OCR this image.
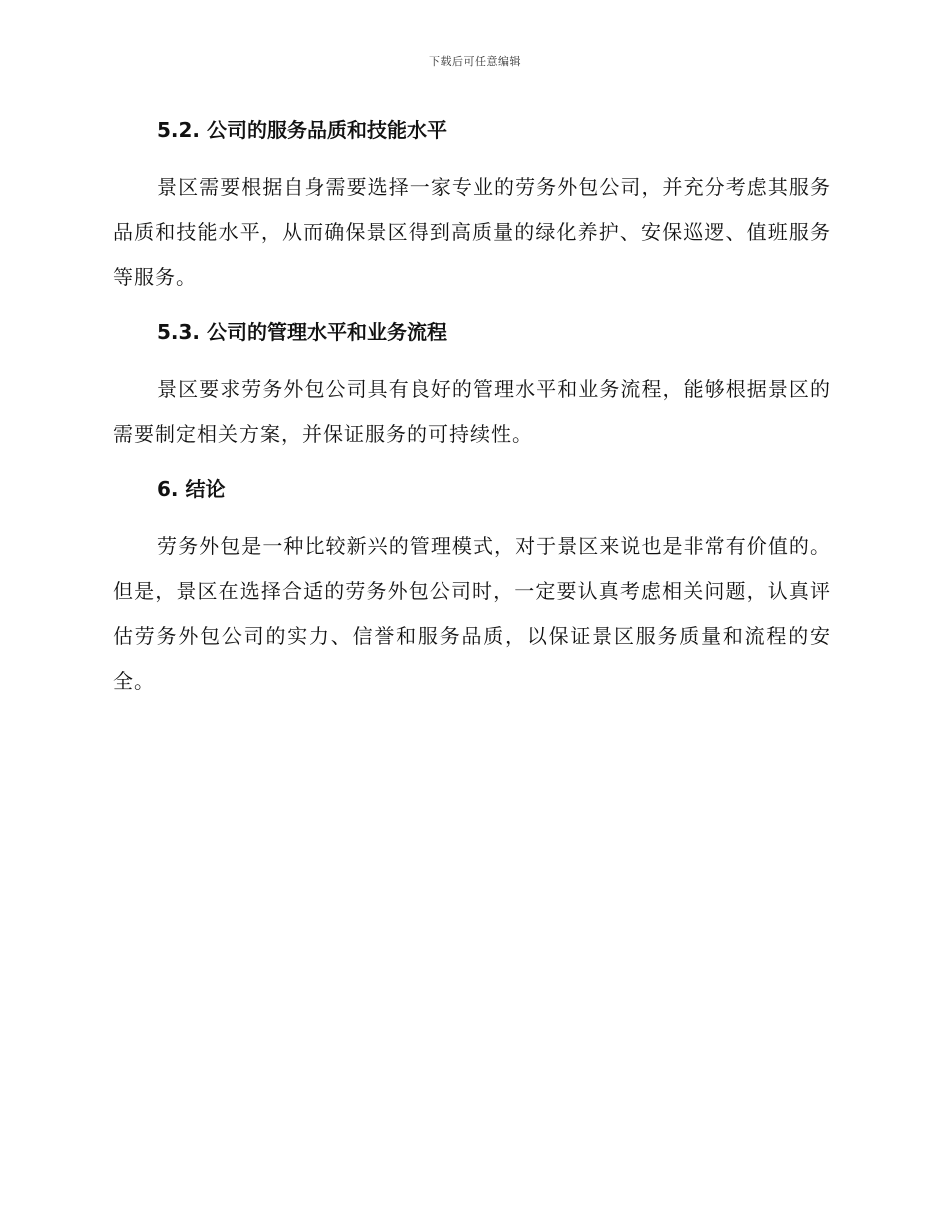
下载后可任意编辑
5.2. 公司的服务品质和技能水平

景区需要根据自身需要选择一家专业的劳务外包公司，并充分考虑其服务品质和技能水平，从而确保景区得到高质量的绿化养护、安保巡逻、值班服务等服务。

5.3. 公司的管理水平和业务流程

景区要求劳务外包公司具有良好的管理水平和业务流程，能够根据景区的需要制定相关方案，并保证服务的可持续性。

6. 结论

劳务外包是一种比较新兴的管理模式，对于景区来说也是非常有价值的。但是，景区在选择合适的劳务外包公司时，一定要认真考虑相关问题，认真评估劳务外包公司的实力、信誉和服务品质，以保证景区服务质量和流程的安全。
